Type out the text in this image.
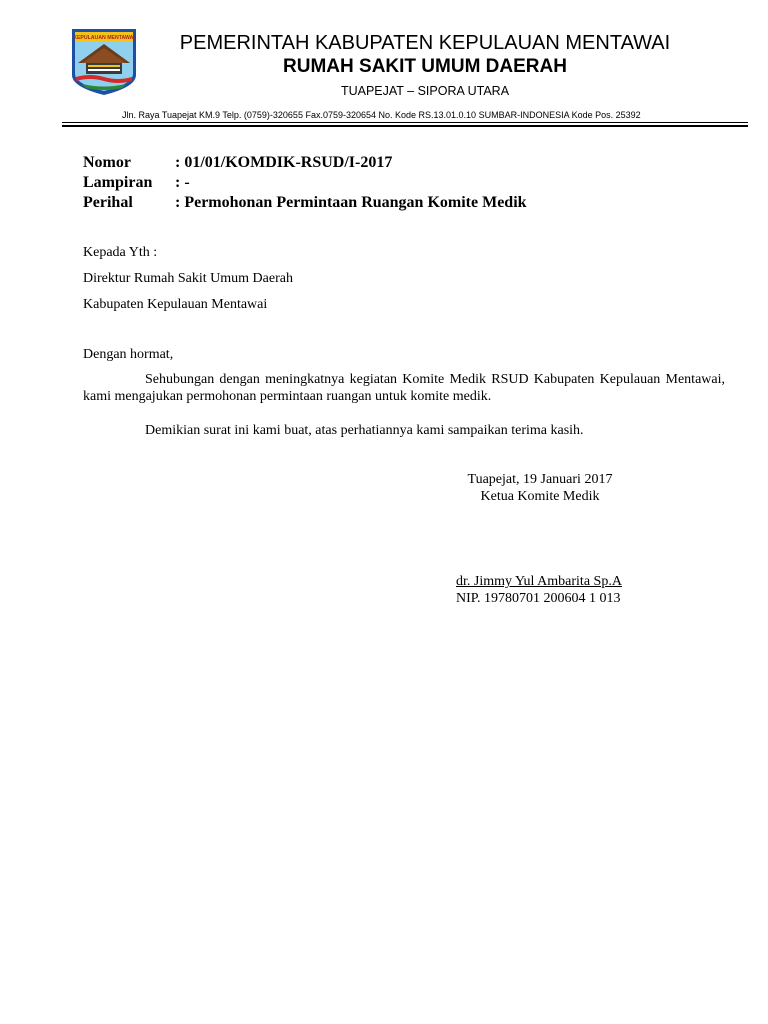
KEPULAUAN MENTAWAI	PEMERINTAH KABUPATEN KEPULAUAN MENTAWAI
RUMAH SAKIT UMUM DAERAH
TUAPEJAT – SIPORA UTARA
Jln. Raya Tuapejat KM.9 Telp. (0759)-320655 Fax.0759-320654 No. Kode RS.13.01.0.10 SUMBAR-INDONESIA Kode Pos. 25392
Nomor	: 01/01/KOMDIK-RSUD/I-2017
Lampiran	: -
Perihal	: Permohonan Permintaan Ruangan Komite Medik
Kepada Yth :
Direktur Rumah Sakit Umum Daerah
Kabupaten Kepulauan Mentawai
Dengan hormat,
Sehubungan dengan meningkatnya kegiatan Komite Medik RSUD Kabupaten Kepulauan Mentawai, kami mengajukan permohonan permintaan ruangan untuk komite medik.
Demikian surat ini kami buat, atas perhatiannya kami sampaikan terima kasih.
Tuapejat, 19 Januari 2017
Ketua Komite Medik
dr. Jimmy Yul Ambarita Sp.A
NIP. 19780701 200604 1 013
